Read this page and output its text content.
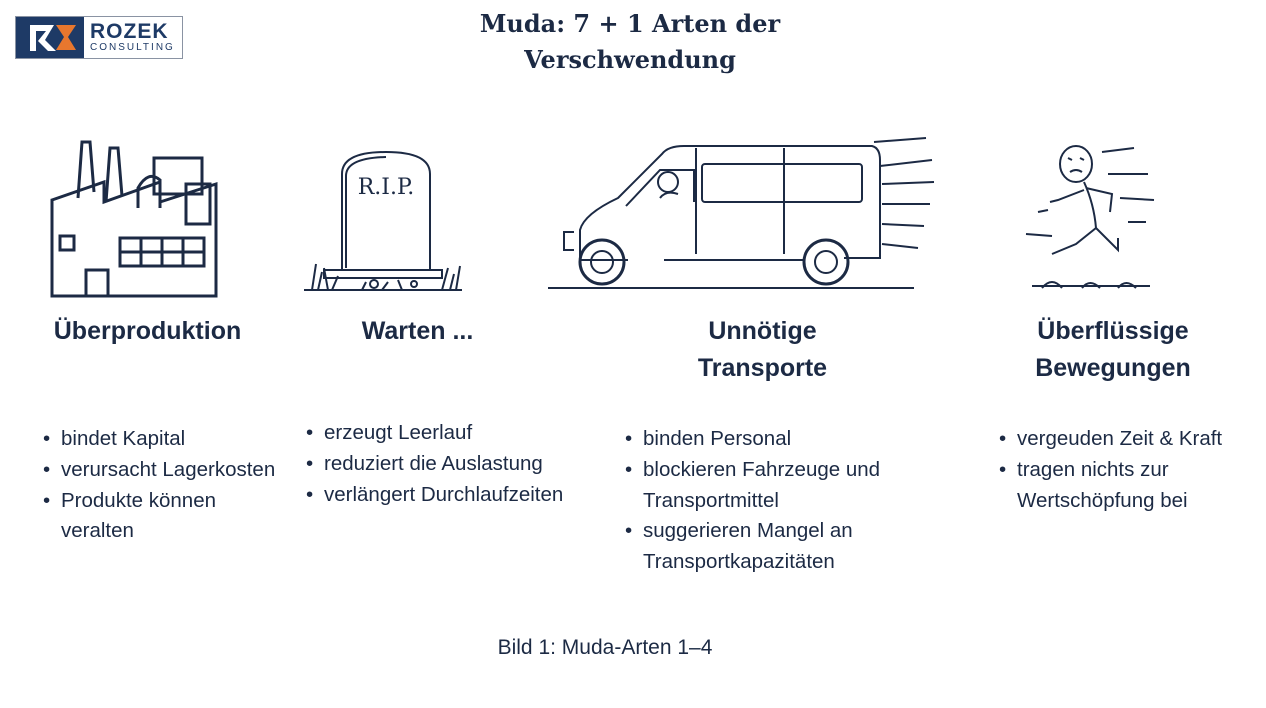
ROZEK
CONSULTING
Muda: 7 + 1 Arten der
Verschwendung
Überproduktion
• bindet Kapital
• verursacht Lagerkosten
• Produkte können veralten
R.I.P.
Warten ...
• erzeugt Leerlauf
• reduziert die Auslastung
• verlängert Durchlaufzeiten
Unnötige
Transporte
• binden Personal
• blockieren Fahrzeuge und Transportmittel
• suggerieren Mangel an Transportkapazitäten
Überflüssige
Bewegungen
• vergeuden Zeit & Kraft
• tragen nichts zur Wertschöpfung bei
Bild 1: Muda-Arten 1–4
